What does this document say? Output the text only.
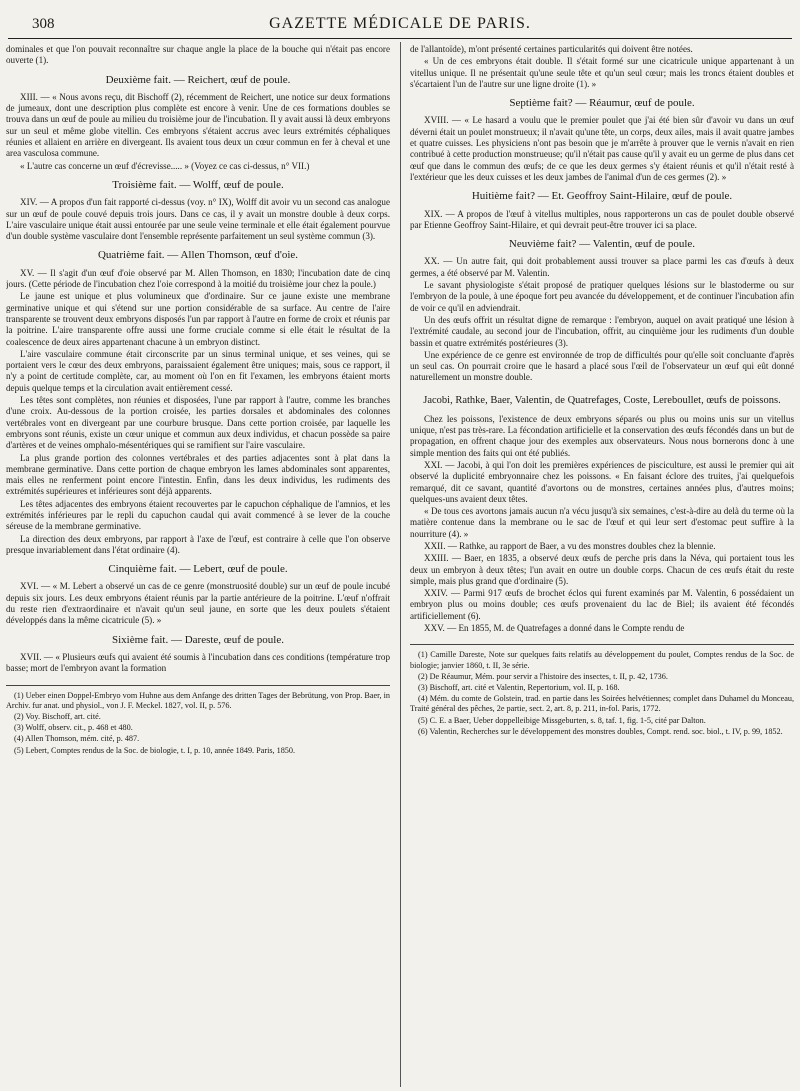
308	GAZETTE MÉDICALE DE PARIS.

dominales et que l'on pouvait reconnaître sur chaque angle la place de la bouche qui n'était pas encore ouverte (1).

Deuxième fait. — Reichert, œuf de poule.

XIII. — « Nous avons reçu, dit Bischoff (2), récemment de Reichert, une notice sur deux formations de jumeaux, dont une description plus complète est encore à venir. Une de ces formations doubles se trouva dans un œuf de poule au milieu du troisième jour de l'incubation. Il y avait aussi là deux embryons sur un seul et même globe vitellin. Ces embryons s'étaient accrus avec leurs extrémités céphaliques réunies et allaient en arrière en divergeant. Ils avaient tous deux un cœur commun en fer à cheval et une area vasculosa commune.

« L'autre cas concerne un œuf d'écrevisse..... » (Voyez ce cas ci-dessus, n° VII.)

Troisième fait. — Wolff, œuf de poule.

XIV. — A propos d'un fait rapporté ci-dessus (voy. n° IX), Wolff dit avoir vu un second cas analogue sur un œuf de poule couvé depuis trois jours. Dans ce cas, il y avait un monstre double à deux corps. L'aire vasculaire unique était aussi entourée par une seule veine terminale et elle était également pourvue d'un double système vasculaire dont l'ensemble représente parfaitement un seul système commun (3).

Quatrième fait. — Allen Thomson, œuf d'oie.

XV. — Il s'agit d'un œuf d'oie observé par M. Allen Thomson, en 1830; l'incubation date de cinq jours. (Cette période de l'incubation chez l'oie correspond à la moitié du troisième jour chez la poule.)

Le jaune est unique et plus volumineux que d'ordinaire. Sur ce jaune existe une membrane germinative unique et qui s'étend sur une portion considérable de sa surface. Au centre de l'aire transparente se trouvent deux embryons disposés l'un par rapport à l'autre en forme de croix et réunis par la poitrine. L'aire transparente offre aussi une forme cruciale comme si elle était le résultat de la coalescence de deux aires appartenant chacune à un embryon distinct.

L'aire vasculaire commune était circonscrite par un sinus terminal unique, et ses veines, qui se portaient vers le cœur des deux embryons, paraissaient également être uniques; mais, sous ce rapport, il n'y a point de certitude complète, car, au moment où l'on en fit l'examen, les embryons étaient morts depuis quelque temps et la circulation avait entièrement cessé.

Les têtes sont complètes, non réunies et disposées, l'une par rapport à l'autre, comme les branches d'une croix. Au-dessous de la portion croisée, les parties dorsales et abdominales des colonnes vertébrales vont en divergeant par une courbure brusque. Dans cette portion croisée, par laquelle les embryons sont réunis, existe un cœur unique et commun aux deux individus, et chacun possède sa paire d'artères et de veines omphalo-mésentériques qui se ramifient sur l'aire vasculaire.

La plus grande portion des colonnes vertébrales et des parties adjacentes sont à plat dans la membrane germinative. Dans cette portion de chaque embryon les lames abdominales sont apparentes, mais elles ne renferment point encore l'intestin. Enfin, dans les deux individus, les rudiments des extrémités supérieures et inférieures sont déjà apparents.

Les têtes adjacentes des embryons étaient recouvertes par le capuchon céphalique de l'amnios, et les extrémités inférieures par le repli du capuchon caudal qui avait commencé à se lever de la couche séreuse de la membrane germinative.

La direction des deux embryons, par rapport à l'axe de l'œuf, est contraire à celle que l'on observe presque invariablement dans l'état ordinaire (4).

Cinquième fait. — Lebert, œuf de poule.

XVI. — « M. Lebert a observé un cas de ce genre (monstruosité double) sur un œuf de poule incubé depuis six jours. Les deux embryons étaient réunis par la partie antérieure de la poitrine. L'œuf n'offrait du reste rien d'extraordinaire et n'avait qu'un seul jaune, en sorte que les deux poulets s'étaient développés dans la même cicatricule (5). »

Sixième fait. — Dareste, œuf de poule.

XVII. — « Plusieurs œufs qui avaient été soumis à l'incubation dans ces conditions (température trop basse; mort de l'embryon avant la formation

(1) Ueber einen Doppel-Embryo vom Huhne aus dem Anfange des dritten Tages der Bebrütung, von Prop. Baer, in Archiv. fur anat. und physiol., von J. F. Meckel. 1827, vol. II, p. 576.

(2) Voy. Bischoff, art. cité.

(3) Wolff, observ. cit., p. 468 et 480.

(4) Allen Thomson, mém. cité, p. 487.

(5) Lebert, Comptes rendus de la Soc. de biologie, t. I, p. 10, année 1849. Paris, 1850.

de l'allantoïde), m'ont présenté certaines particularités qui doivent être notées.

« Un de ces embryons était double. Il s'était formé sur une cicatricule unique appartenant à un vitellus unique. Il ne présentait qu'une seule tête et qu'un seul cœur; mais les troncs étaient doubles et s'écartaient l'un de l'autre sur une ligne droite (1). »

Septième fait? — Réaumur, œuf de poule.

XVIII. — « Le hasard a voulu que le premier poulet que j'ai été bien sûr d'avoir vu dans un œuf déverni était un poulet monstrueux; il n'avait qu'une tête, un corps, deux ailes, mais il avait quatre jambes et quatre cuisses. Les physiciens n'ont pas besoin que je m'arrête à prouver que le vernis n'avait en rien contribué à cette production monstrueuse; qu'il n'était pas cause qu'il y avait eu un germe de plus dans cet œuf que dans le commun des œufs; de ce que les deux germes s'y étaient réunis et qu'il n'était resté à l'extérieur que les deux cuisses et les deux jambes de l'animal d'un de ces germes (2). »

Huitième fait? — Et. Geoffroy Saint-Hilaire, œuf de poule.

XIX. — A propos de l'œuf à vitellus multiples, nous rapporterons un cas de poulet double observé par Etienne Geoffroy Saint-Hilaire, et qui devrait peut-être trouver ici sa place.

Neuvième fait? — Valentin, œuf de poule.

XX. — Un autre fait, qui doit probablement aussi trouver sa place parmi les cas d'œufs à deux germes, a été observé par M. Valentin.

Le savant physiologiste s'était proposé de pratiquer quelques lésions sur le blastoderme ou sur l'embryon de la poule, à une époque fort peu avancée du développement, et de continuer l'incubation afin de voir ce qu'il en adviendrait.

Un des œufs offrit un résultat digne de remarque : l'embryon, auquel on avait pratiqué une lésion à l'extrémité caudale, au second jour de l'incubation, offrit, au cinquième jour les rudiments d'un double bassin et quatre extrémités postérieures (3).

Une expérience de ce genre est environnée de trop de difficultés pour qu'elle soit concluante d'après un seul cas. On pourrait croire que le hasard a placé sous l'œil de l'observateur un œuf qui eût donné naturellement un monstre double.

Jacobi, Rathke, Baer, Valentin, de Quatrefages, Coste, Lereboullet, œufs de poissons.

Chez les poissons, l'existence de deux embryons séparés ou plus ou moins unis sur un vitellus unique, n'est pas très-rare. La fécondation artificielle et la conservation des œufs fécondés dans un but de propagation, en offrent chaque jour des exemples aux observateurs. Nous nous bornerons donc à une simple mention des faits qui ont été publiés.

XXI. — Jacobi, à qui l'on doit les premières expériences de pisciculture, est aussi le premier qui ait observé la duplicité embryonnaire chez les poissons. « En faisant éclore des truites, j'ai quelquefois remarqué, dit ce savant, quantité d'avortons ou de monstres, certaines années plus, d'autres moins; quelques-uns avaient deux têtes.

« De tous ces avortons jamais aucun n'a vécu jusqu'à six semaines, c'est-à-dire au delà du terme où la matière contenue dans la membrane ou le sac de l'œuf et qui leur sert d'estomac peut suffire à la nourriture (4). »

XXII. — Rathke, au rapport de Baer, a vu des monstres doubles chez la blennie.

XXIII. — Baer, en 1835, a observé deux œufs de perche pris dans la Néva, qui portaient tous les deux un embryon à deux têtes; l'un avait en outre un double corps. Chacun de ces œufs était du reste simple, mais plus grand que d'ordinaire (5).

XXIV. — Parmi 917 œufs de brochet éclos qui furent examinés par M. Valentin, 6 possédaient un embryon plus ou moins double; ces œufs provenaient du lac de Biel; ils avaient été fécondés artificiellement (6).

XXV. — En 1855, M. de Quatrefages a donné dans le Compte rendu de

(1) Camille Dareste, Note sur quelques faits relatifs au développement du poulet, Comptes rendus de la Soc. de biologie; janvier 1860, t. II, 3e série.

(2) De Réaumur, Mém. pour servir a l'histoire des insectes, t. II, p. 42, 1736.

(3) Bischoff, art. cité et Valentin, Repertorium, vol. II, p. 168.

(4) Mém. du comte de Golstein, trad. en partie dans les Soirées helvétiennes; complet dans Duhamel du Monceau, Traité général des pêches, 2e partie, sect. 2, art. 8, p. 211, in-fol. Paris, 1772.

(5) C. E. a Baer, Ueber doppelleibige Missgeburten, s. 8, taf. 1, fig. 1-5, cité par Dalton.

(6) Valentin, Recherches sur le développement des monstres doubles, Compt. rend. soc. biol., t. IV, p. 99, 1852.
